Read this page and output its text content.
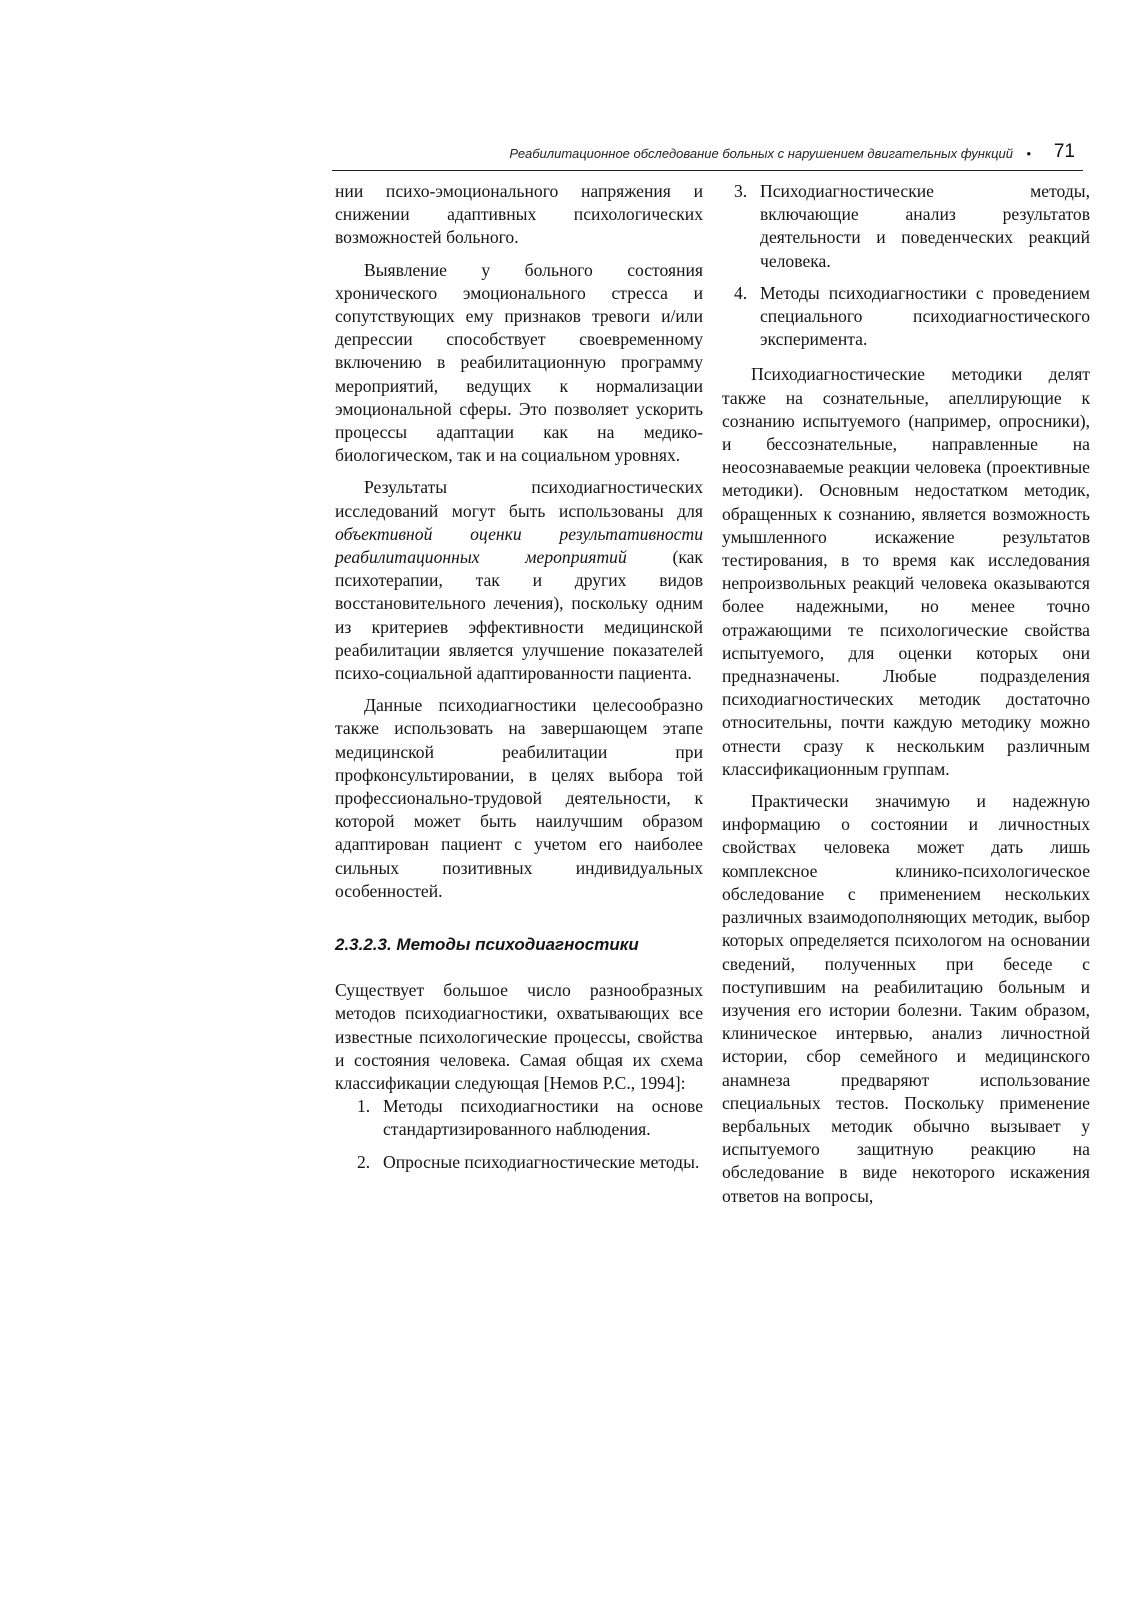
Реабилитационное обследование больных с нарушением двигательных функций • 71

нии психо-эмоционального напряжения и снижении адаптивных психологических возможностей больного.

Выявление у больного состояния хронического эмоционального стресса и сопутствующих ему признаков тревоги и/или депрессии способствует своевременному включению в реабилитационную программу мероприятий, ведущих к нормализации эмоциональной сферы. Это позволяет ускорить процессы адаптации как на медико-биологическом, так и на социальном уровнях.

Результаты психодиагностических исследований могут быть использованы для объективной оценки результативности реабилитационных мероприятий (как психотерапии, так и других видов восстановительного лечения), поскольку одним из критериев эффективности медицинской реабилитации является улучшение показателей психо-социальной адаптированности пациента.

Данные психодиагностики целесообразно также использовать на завершающем этапе медицинской реабилитации при профконсультировании, в целях выбора той профессионально-трудовой деятельности, к которой может быть наилучшим образом адаптирован пациент с учетом его наиболее сильных позитивных индивидуальных особенностей.

2.3.2.3. Методы психодиагностики

Существует большое число разнообразных методов психодиагностики, охватывающих все известные психологические процессы, свойства и состояния человека. Самая общая их схема классификации следующая [Немов Р.С., 1994]:

1. Методы психодиагностики на основе стандартизированного наблюдения.
2. Опросные психодиагностические методы.
3. Психодиагностические методы, включающие анализ результатов деятельности и поведенческих реакций человека.
4. Методы психодиагностики с проведением специального психодиагностического эксперимента.

Психодиагностические методики делят также на сознательные, апеллирующие к сознанию испытуемого (например, опросники), и бессознательные, направленные на неосознаваемые реакции человека (проективные методики). Основным недостатком методик, обращенных к сознанию, является возможность умышленного искажение результатов тестирования, в то время как исследования непроизвольных реакций человека оказываются более надежными, но менее точно отражающими те психологические свойства испытуемого, для оценки которых они предназначены. Любые подразделения психодиагностических методик достаточно относительны, почти каждую методику можно отнести сразу к нескольким различным классификационным группам.

Практически значимую и надежную информацию о состоянии и личностных свойствах человека может дать лишь комплексное клинико-психологическое обследование с применением нескольких различных взаимодополняющих методик, выбор которых определяется психологом на основании сведений, полученных при беседе с поступившим на реабилитацию больным и изучения его истории болезни. Таким образом, клиническое интервью, анализ личностной истории, сбор семейного и медицинского анамнеза предваряют использование специальных тестов. Поскольку применение вербальных методик обычно вызывает у испытуемого защитную реакцию на обследование в виде некоторого искажения ответов на вопросы,
